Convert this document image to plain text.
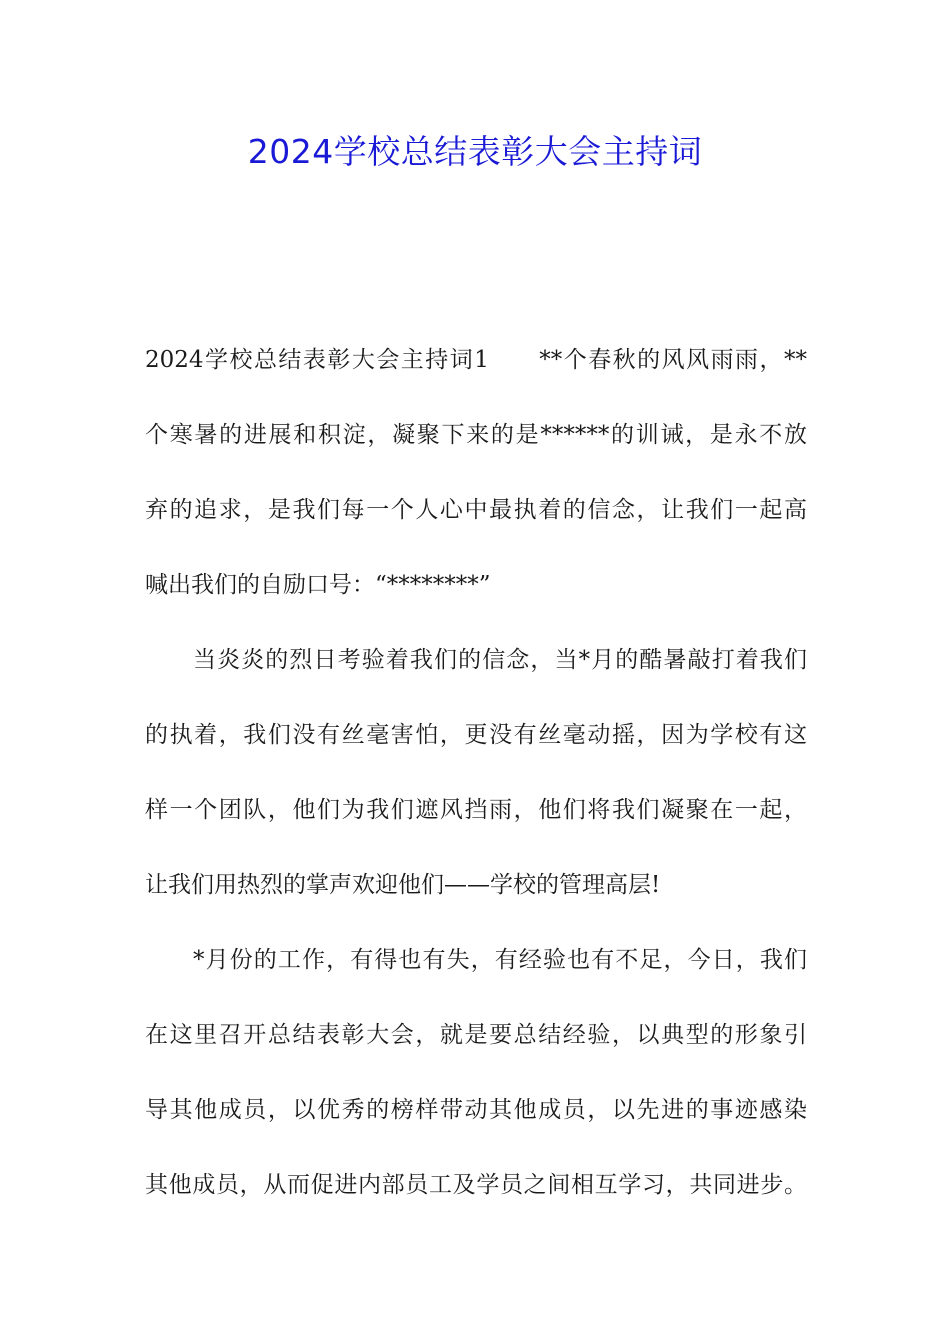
2024学校总结表彰大会主持词
2024学校总结表彰大会主持词1　　**个春秋的风风雨雨，**
个寒暑的进展和积淀，凝聚下来的是******的训诫，是永不放
弃的追求，是我们每一个人心中最执着的信念，让我们一起高
喊出我们的自励口号：“********”
当炎炎的烈日考验着我们的信念，当*月的酷暑敲打着我们
的执着，我们没有丝毫害怕，更没有丝毫动摇，因为学校有这
样一个团队，他们为我们遮风挡雨，他们将我们凝聚在一起，
让我们用热烈的掌声欢迎他们——学校的管理高层!
*月份的工作，有得也有失，有经验也有不足，今日，我们
在这里召开总结表彰大会，就是要总结经验，以典型的形象引
导其他成员，以优秀的榜样带动其他成员，以先进的事迹感染
其他成员，从而促进内部员工及学员之间相互学习，共同进步。
